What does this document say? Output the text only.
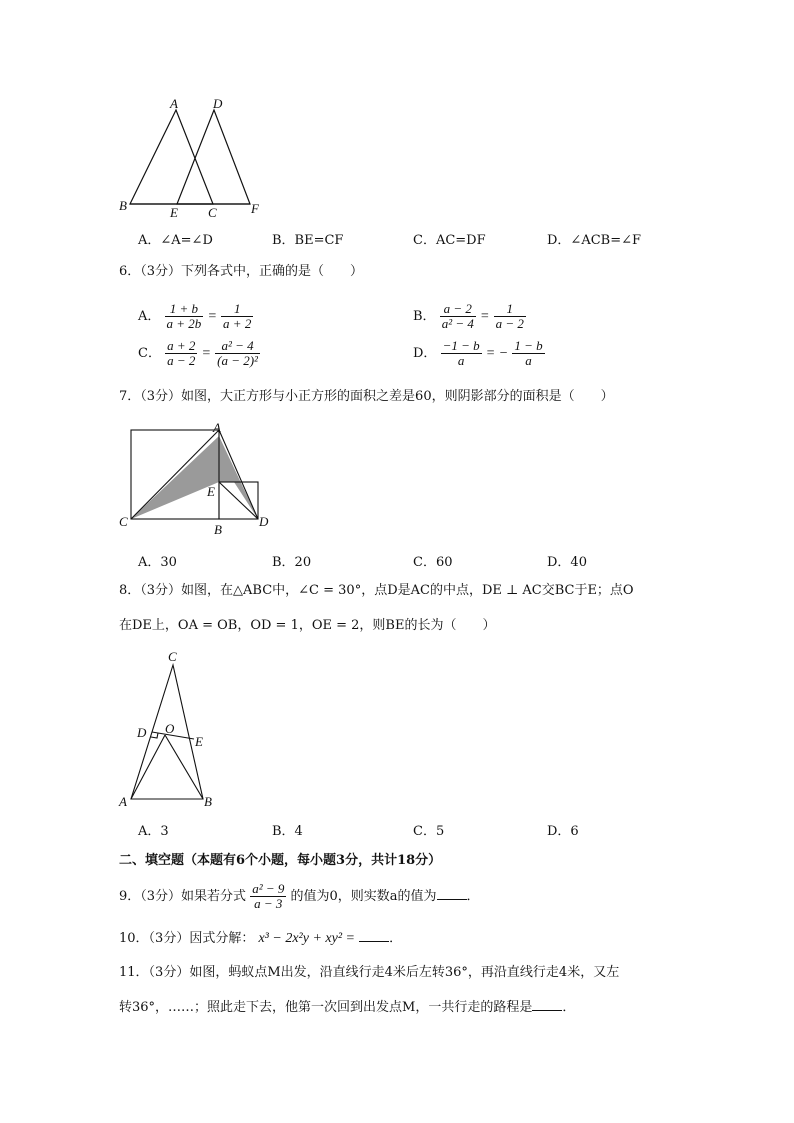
A	D
B	E C	F
A．∠A=∠D	B．BE=CF	C．AC=DF	D．∠ACB=∠F
6．（3分）下列各式中，正确的是（　　）
A． $\frac{1 + b}{a + 2b} = \frac{1}{a + 2}$	B． $\frac{a - 2}{\text{a² − 4}} = \frac{1}{a - 2}$
C． $\frac{a + 2}{a - 2} = \frac{\text{a² − 4}}{\text{(a − 2)²}}$	D． $\frac{-1 - b}{a}$ = − $\frac{1 - b}{a}$
7．（3分）如图，大正方形与小正方形的面积之差是60，则阴影部分的面积是（　　）
A
E
C
B
D
A．30	B．20	C．60	D．40
8．（3分）如图，在△ABC中，∠C = 30°，点D是AC的中点，DE ⊥ AC交BC于E；点O
在DE上，OA = OB，OD = 1，OE = 2，则BE的长为（　　）
C
D O
E
A	B
A．3	B．4	C．5	D．6
二、填空题（本题有6个小题，每小题3分，共计18分）
9．（3分）如果若分式 $\frac{\text{a² − 9}}{a - 3}$ 的值为0，则实数a的值为 ．
10．（3分）因式分解： x³ − 2x²y + xy² =	．
11．（3分）如图，蚂蚁点M出发，沿直线行走4米后左转36°，再沿直线行走4米，又左
转36°，……；照此走下去，他第一次回到出发点M，一共行走的路程是 ．
